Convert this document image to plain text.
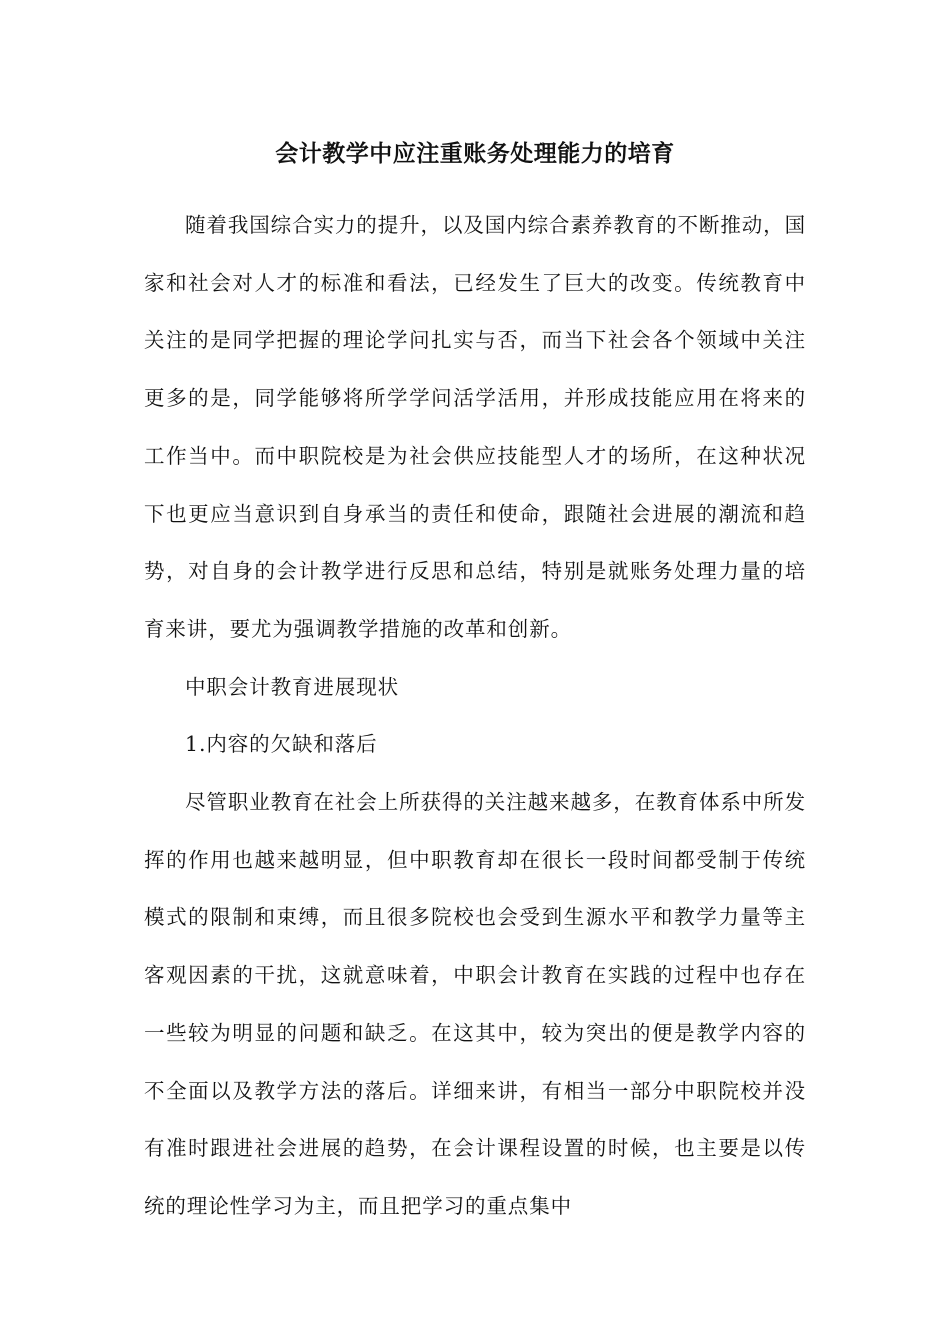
会计教学中应注重账务处理能力的培育

随着我国综合实力的提升，以及国内综合素养教育的不断推动，国家和社会对人才的标准和看法，已经发生了巨大的改变。传统教育中关注的是同学把握的理论学问扎实与否，而当下社会各个领域中关注更多的是，同学能够将所学学问活学活用，并形成技能应用在将来的工作当中。而中职院校是为社会供应技能型人才的场所，在这种状况下也更应当意识到自身承当的责任和使命，跟随社会进展的潮流和趋势，对自身的会计教学进行反思和总结，特别是就账务处理力量的培育来讲，要尤为强调教学措施的改革和创新。

中职会计教育进展现状

1.内容的欠缺和落后

尽管职业教育在社会上所获得的关注越来越多，在教育体系中所发挥的作用也越来越明显，但中职教育却在很长一段时间都受制于传统模式的限制和束缚，而且很多院校也会受到生源水平和教学力量等主客观因素的干扰，这就意味着，中职会计教育在实践的过程中也存在一些较为明显的问题和缺乏。在这其中，较为突出的便是教学内容的不全面以及教学方法的落后。详细来讲，有相当一部分中职院校并没有准时跟进社会进展的趋势，在会计课程设置的时候，也主要是以传统的理论性学习为主，而且把学习的重点集中
